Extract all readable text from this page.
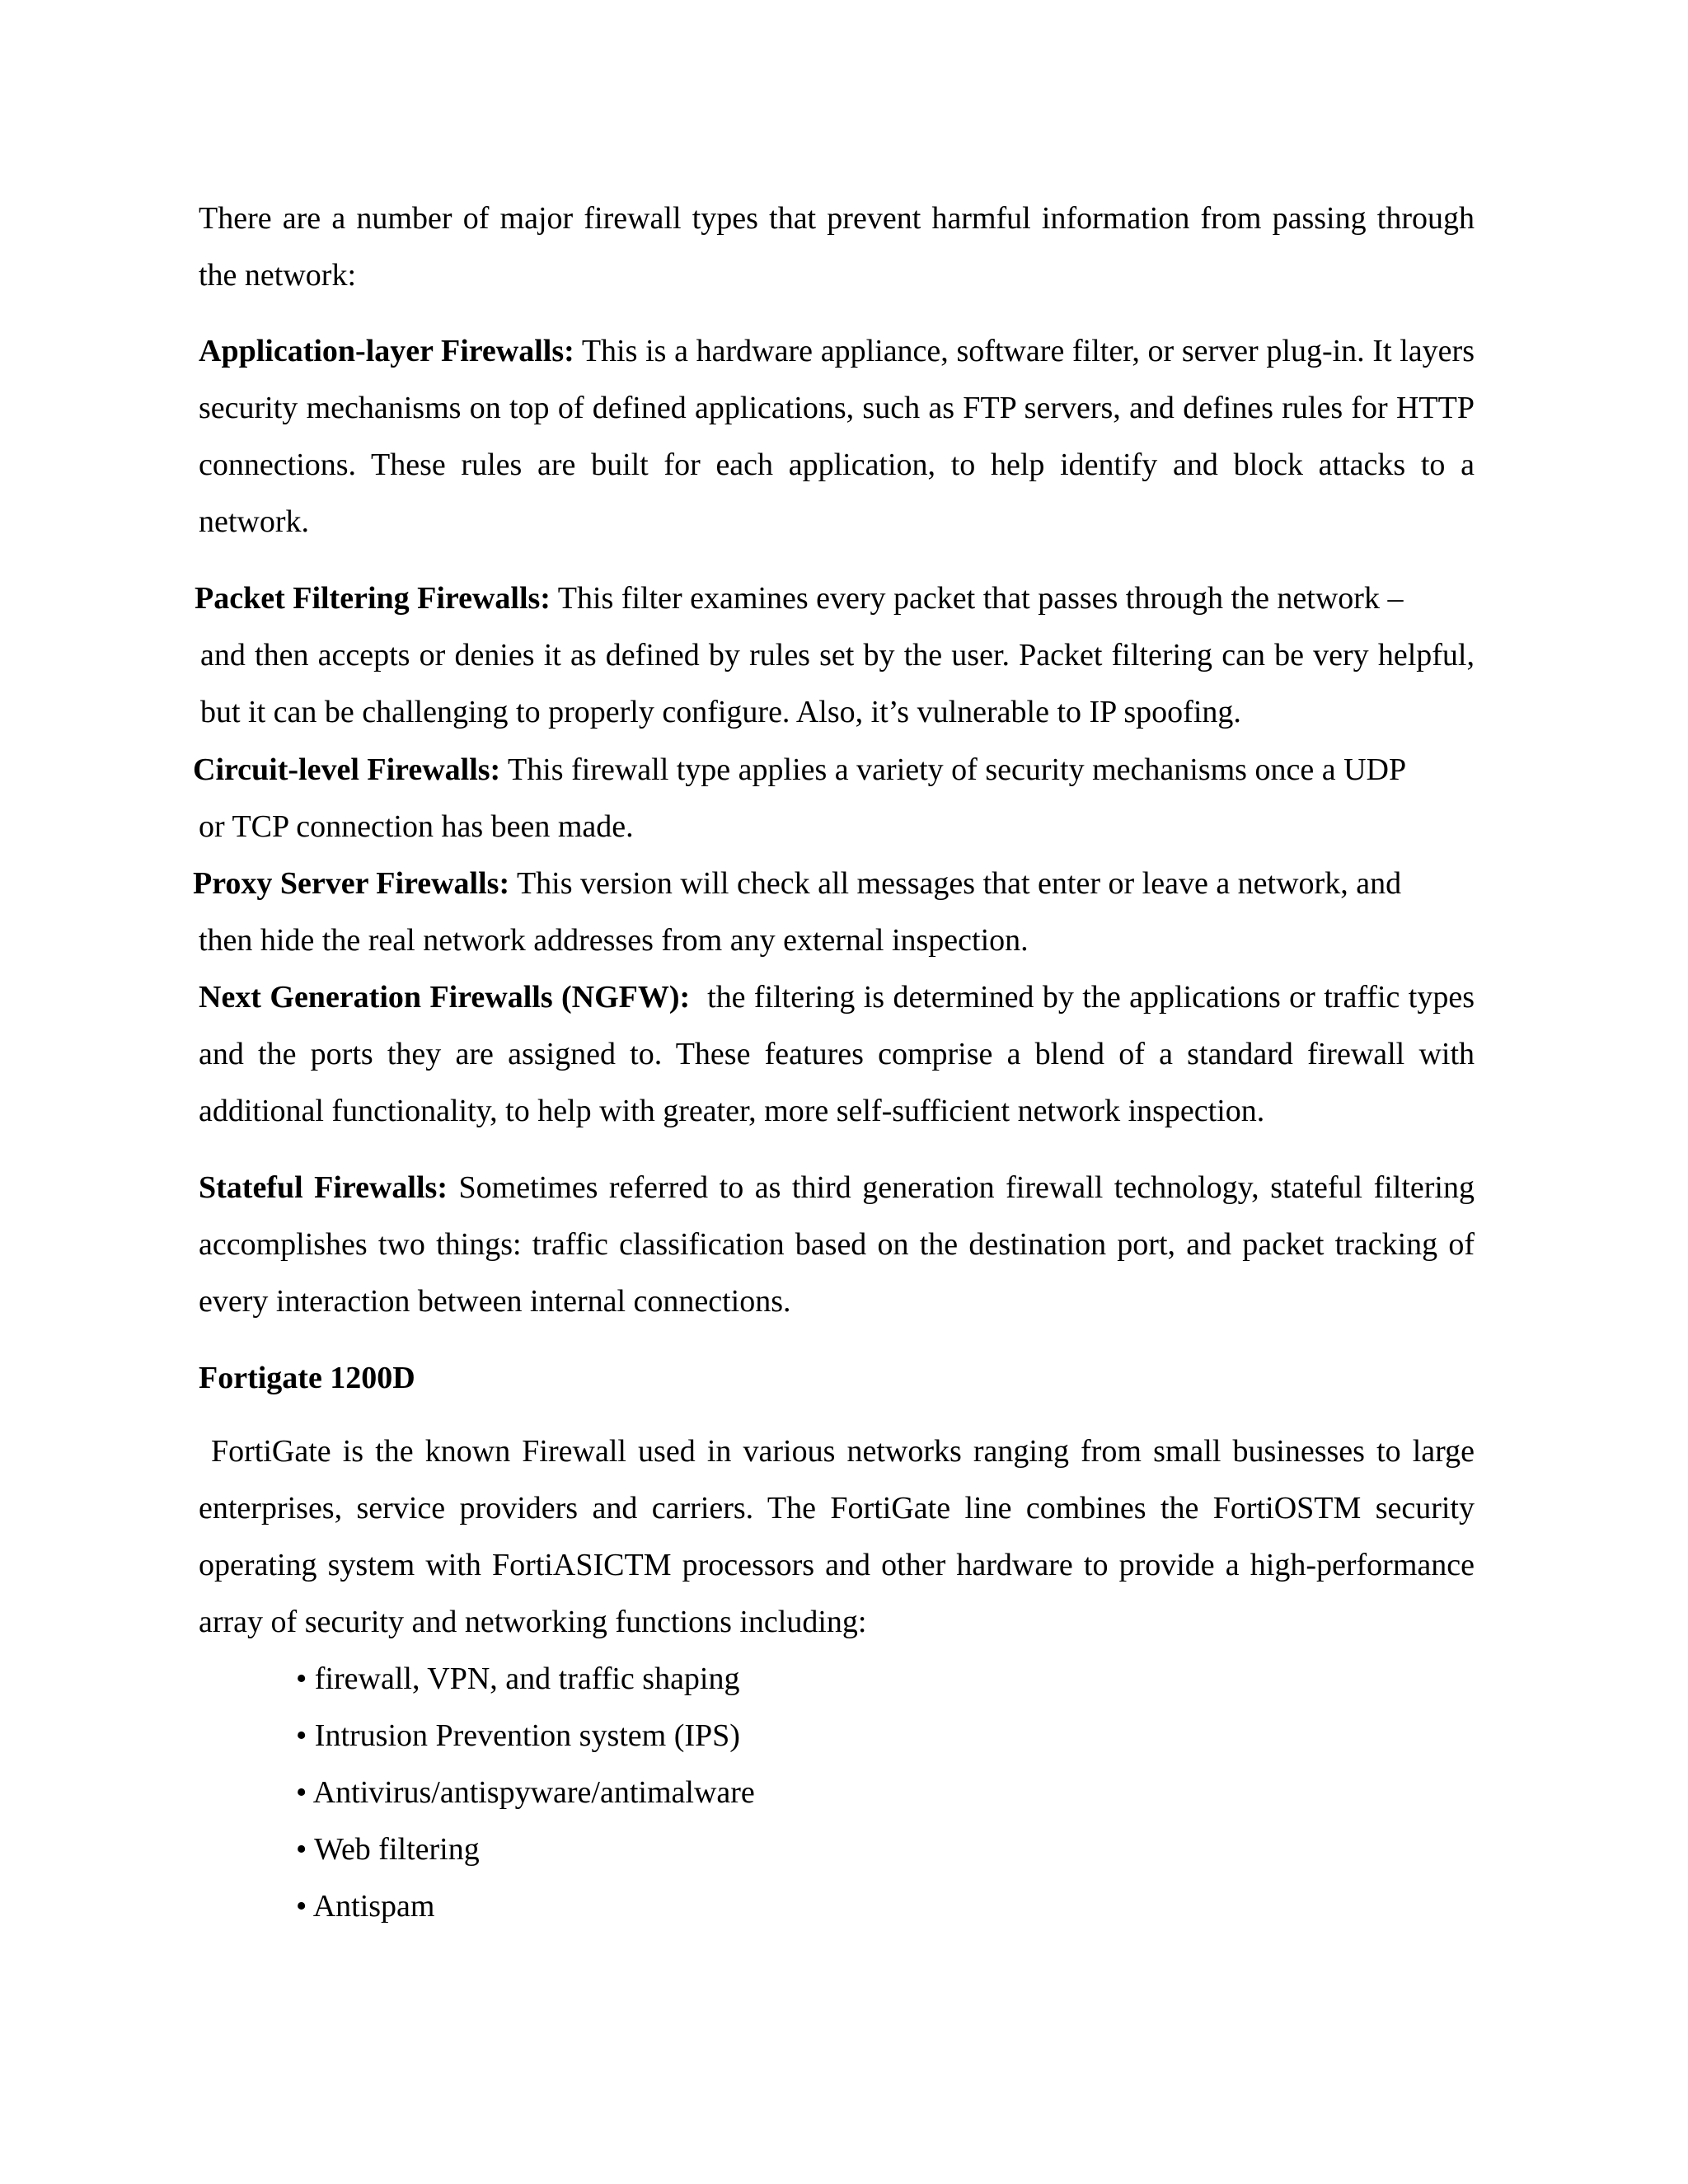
There are a number of major firewall types that prevent harmful information from passing through the network:

Application-layer Firewalls: This is a hardware appliance, software filter, or server plug-in. It layers security mechanisms on top of defined applications, such as FTP servers, and defines rules for HTTP connections. These rules are built for each application, to help identify and block attacks to a network.

Packet Filtering Firewalls: This filter examines every packet that passes through the network –
and then accepts or denies it as defined by rules set by the user. Packet filtering can be very helpful, but it can be challenging to properly configure. Also, it’s vulnerable to IP spoofing.

Circuit-level Firewalls: This firewall type applies a variety of security mechanisms once a UDP
or TCP connection has been made.

Proxy Server Firewalls: This version will check all messages that enter or leave a network, and
then hide the real network addresses from any external inspection.

Next Generation Firewalls (NGFW):  the filtering is determined by the applications or traffic types and the ports they are assigned to. These features comprise a blend of a standard firewall with additional functionality, to help with greater, more self-sufficient network inspection.

Stateful Firewalls: Sometimes referred to as third generation firewall technology, stateful filtering accomplishes two things: traffic classification based on the destination port, and packet tracking of every interaction between internal connections.

Fortigate 1200D

FortiGate is the known Firewall used in various networks ranging from small businesses to large enterprises, service providers and carriers. The FortiGate line combines the FortiOSTM security operating system with FortiASICTM processors and other hardware to provide a high-performance array of security and networking functions including:

• firewall, VPN, and traffic shaping
• Intrusion Prevention system (IPS)
• Antivirus/antispyware/antimalware
• Web filtering
• Antispam
